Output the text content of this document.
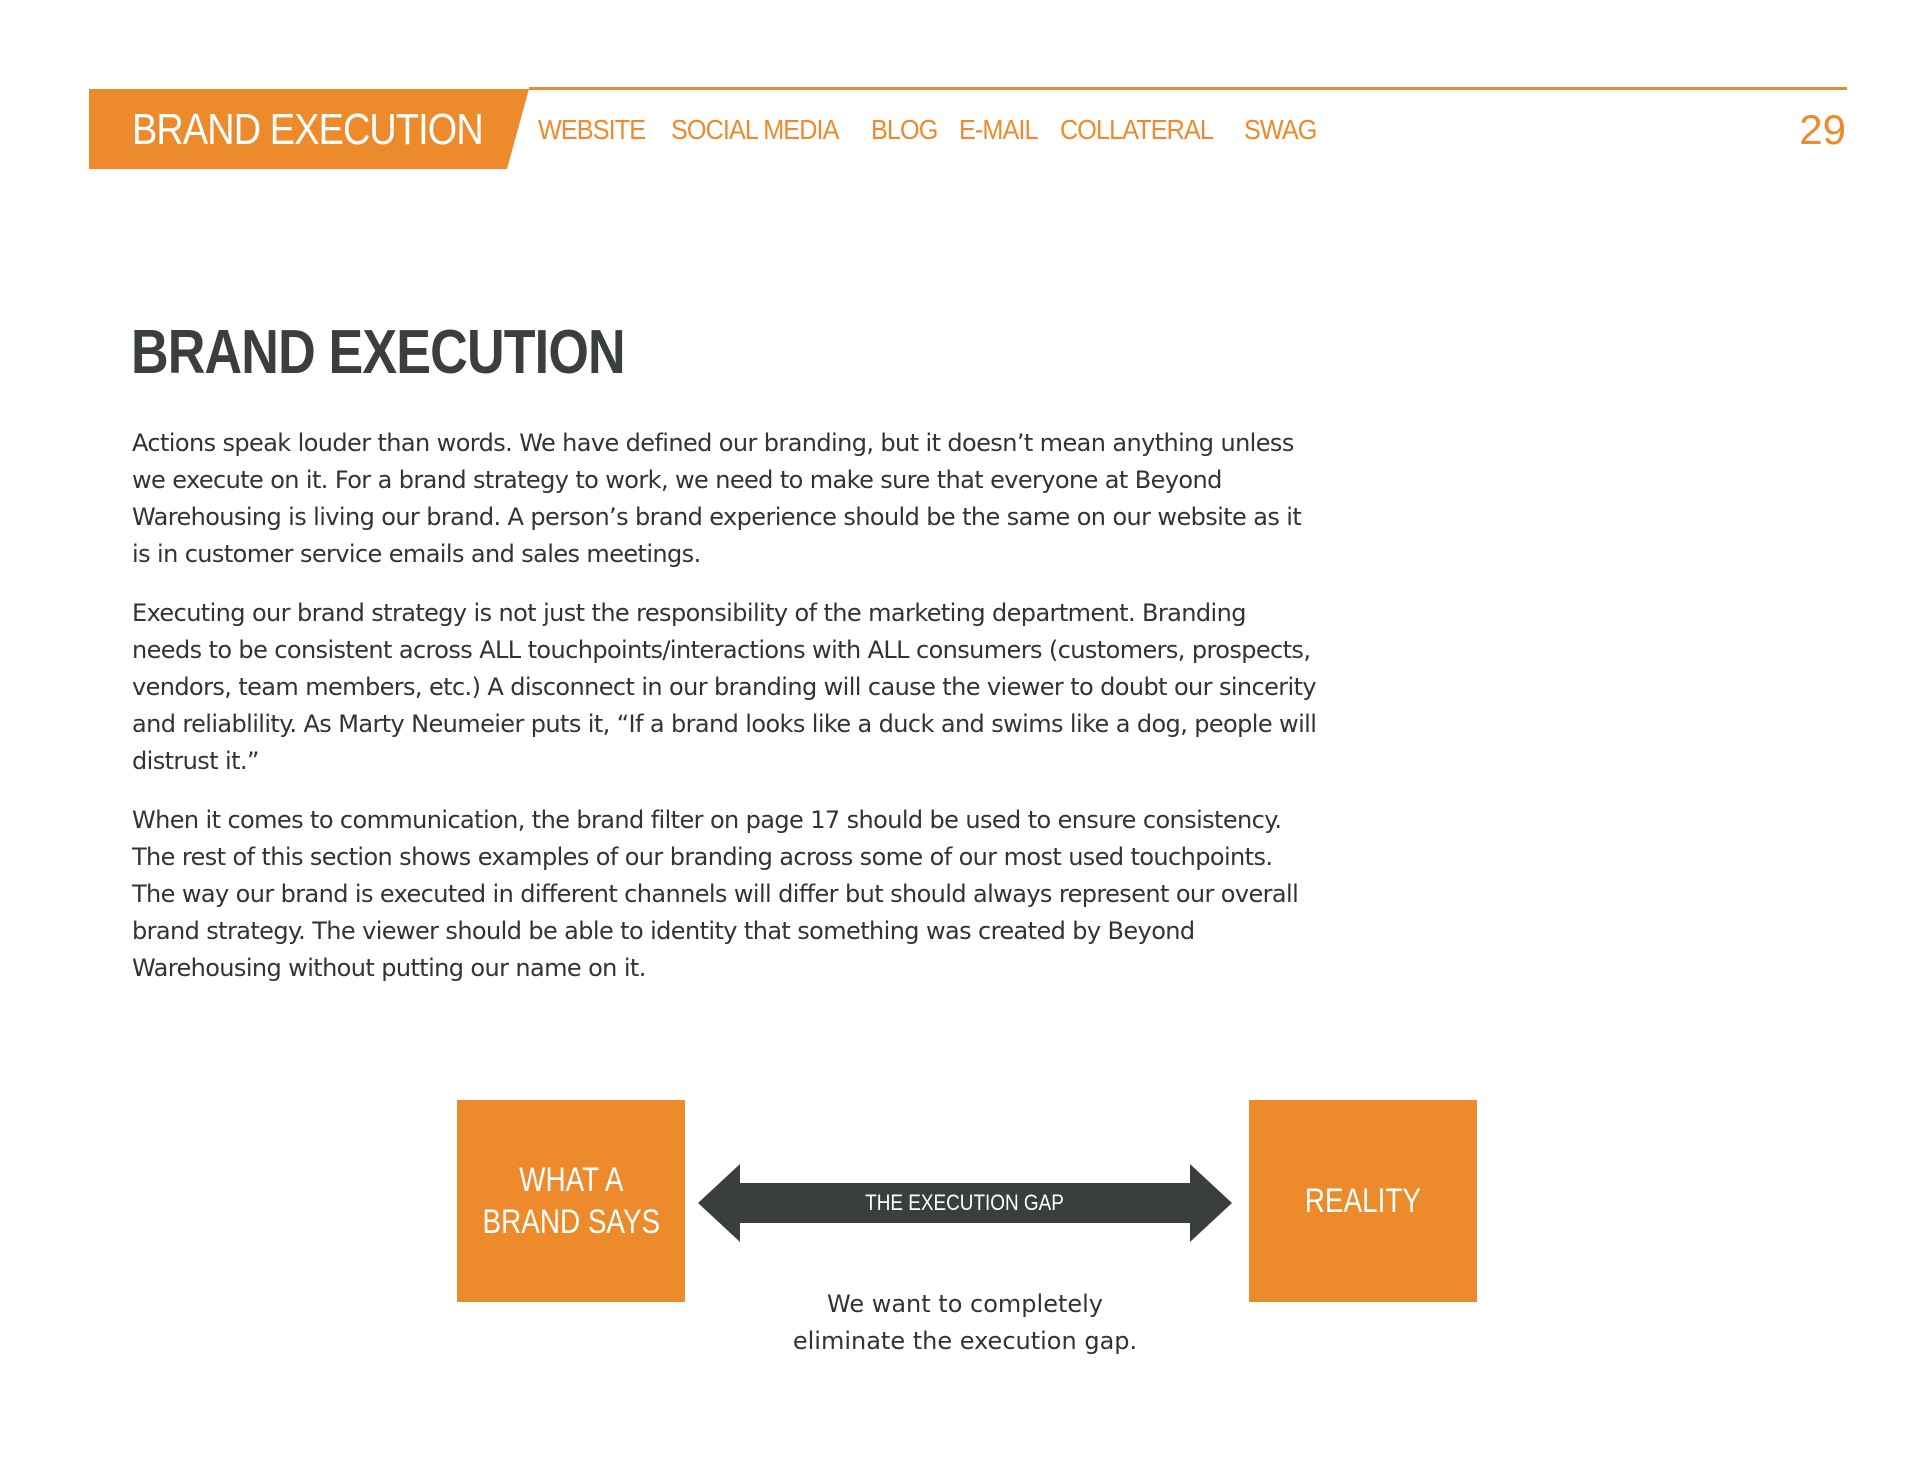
BRAND EXECUTION WEBSITE SOCIAL MEDIA BLOG E-MAIL COLLATERAL SWAG	29
BRAND EXECUTION

Actions speak louder than words. We have defined our branding, but it doesn’t mean anything unless we execute on it. For a brand strategy to work, we need to make sure that everyone at Beyond Warehousing is living our brand. A person’s brand experience should be the same on our website as it is in customer service emails and sales meetings.

Executing our brand strategy is not just the responsibility of the marketing department. Branding needs to be consistent across ALL touchpoints/interactions with ALL consumers (customers, prospects, vendors, team members, etc.) A disconnect in our branding will cause the viewer to doubt our sincerity and reliablility. As Marty Neumeier puts it, “If a brand looks like a duck and swims like a dog, people will distrust it.”

When it comes to communication, the brand filter on page 17 should be used to ensure consistency. The rest of this section shows examples of our branding across some of our most used touchpoints. The way our brand is executed in different channels will differ but should always represent our overall brand strategy. The viewer should be able to identity that something was created by Beyond Warehousing without putting our name on it.

WHAT A
BRAND SAYS
THE EXECUTION GAP	REALITY
We want to completely
eliminate the execution gap.
